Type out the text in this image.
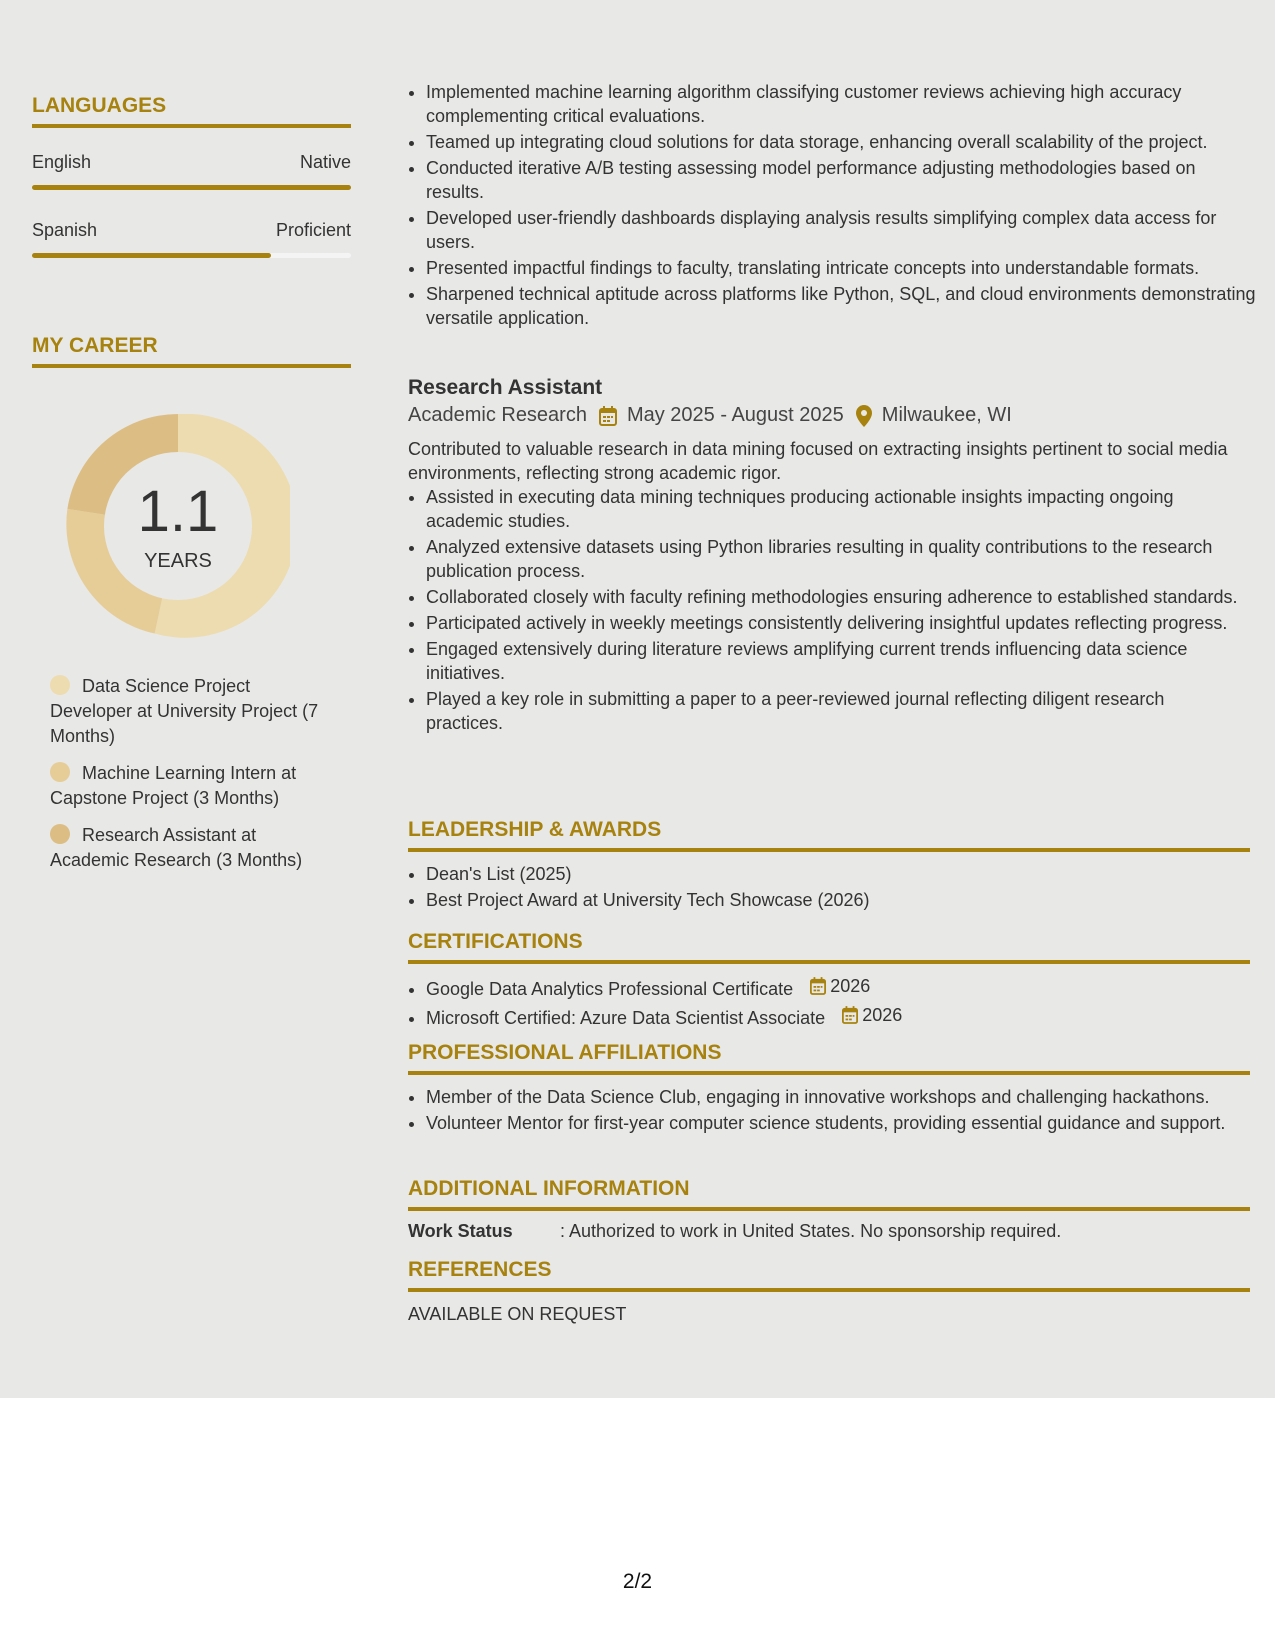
LANGUAGES
English	Native
Spanish	Proficient
MY CAREER
1.1
YEARS
Data Science Project Developer at University Project (7 Months)
Machine Learning Intern at Capstone Project (3 Months)
Research Assistant at Academic Research (3 Months)
• Implemented machine learning algorithm classifying customer reviews achieving high accuracy complementing critical evaluations.
• Teamed up integrating cloud solutions for data storage, enhancing overall scalability of the project.
• Conducted iterative A/B testing assessing model performance adjusting methodologies based on results.
• Developed user-friendly dashboards displaying analysis results simplifying complex data access for users.
• Presented impactful findings to faculty, translating intricate concepts into understandable formats.
• Sharpened technical aptitude across platforms like Python, SQL, and cloud environments demonstrating versatile application.
Research Assistant
Academic Research May 2025 - August 2025 Milwaukee, WI
Contributed to valuable research in data mining focused on extracting insights pertinent to social media environments, reflecting strong academic rigor.
• Assisted in executing data mining techniques producing actionable insights impacting ongoing academic studies.
• Analyzed extensive datasets using Python libraries resulting in quality contributions to the research publication process.
• Collaborated closely with faculty refining methodologies ensuring adherence to established standards.
• Participated actively in weekly meetings consistently delivering insightful updates reflecting progress.
• Engaged extensively during literature reviews amplifying current trends influencing data science initiatives.
• Played a key role in submitting a paper to a peer-reviewed journal reflecting diligent research practices.
LEADERSHIP & AWARDS
• Dean's List (2025)
• Best Project Award at University Tech Showcase (2026)
CERTIFICATIONS
• Google Data Analytics Professional Certificate 2026
• Microsoft Certified: Azure Data Scientist Associate 2026
PROFESSIONAL AFFILIATIONS
• Member of the Data Science Club, engaging in innovative workshops and challenging hackathons.
• Volunteer Mentor for first-year computer science students, providing essential guidance and support.
ADDITIONAL INFORMATION
Work Status	: Authorized to work in United States. No sponsorship required.
REFERENCES
AVAILABLE ON REQUEST
2/2
